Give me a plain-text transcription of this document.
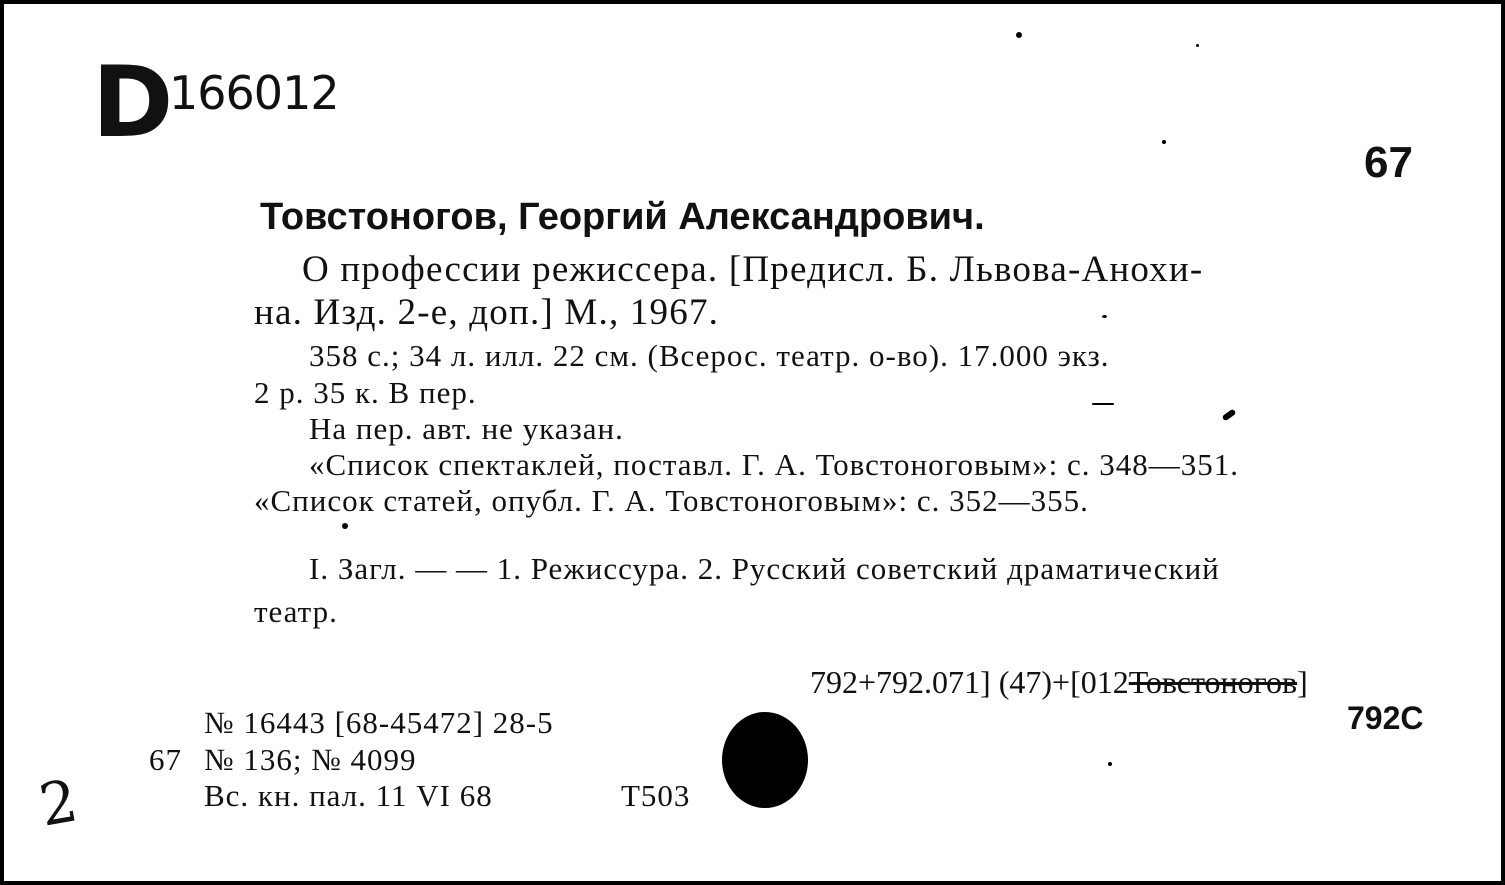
D
166012
67
Товстоногов, Георгий Александрович.
О профессии режиссера. [Предисл. Б. Львова-Анохи-
на. Изд. 2-е, доп.] М., 1967.
358 с.; 34 л. илл. 22 см. (Всерос. театр. о-во). 17.000 экз.
2 р. 35 к. В пер.
На пер. авт. не указан.
«Список спектаклей, поставл. Г. А. Товстоноговым»: с. 348—351.
«Список статей, опубл. Г. А. Товстоноговым»: с. 352—355.
I. Загл. — — 1. Режиссура. 2. Русский советский драматический
театр.
792+792.071] (47)+[012Товстоногов]
792С
№ 16443 [68-45472] 28-5
67 № 136; № 4099
Вс. кн. пал. 11 VI 68	Т503
2
